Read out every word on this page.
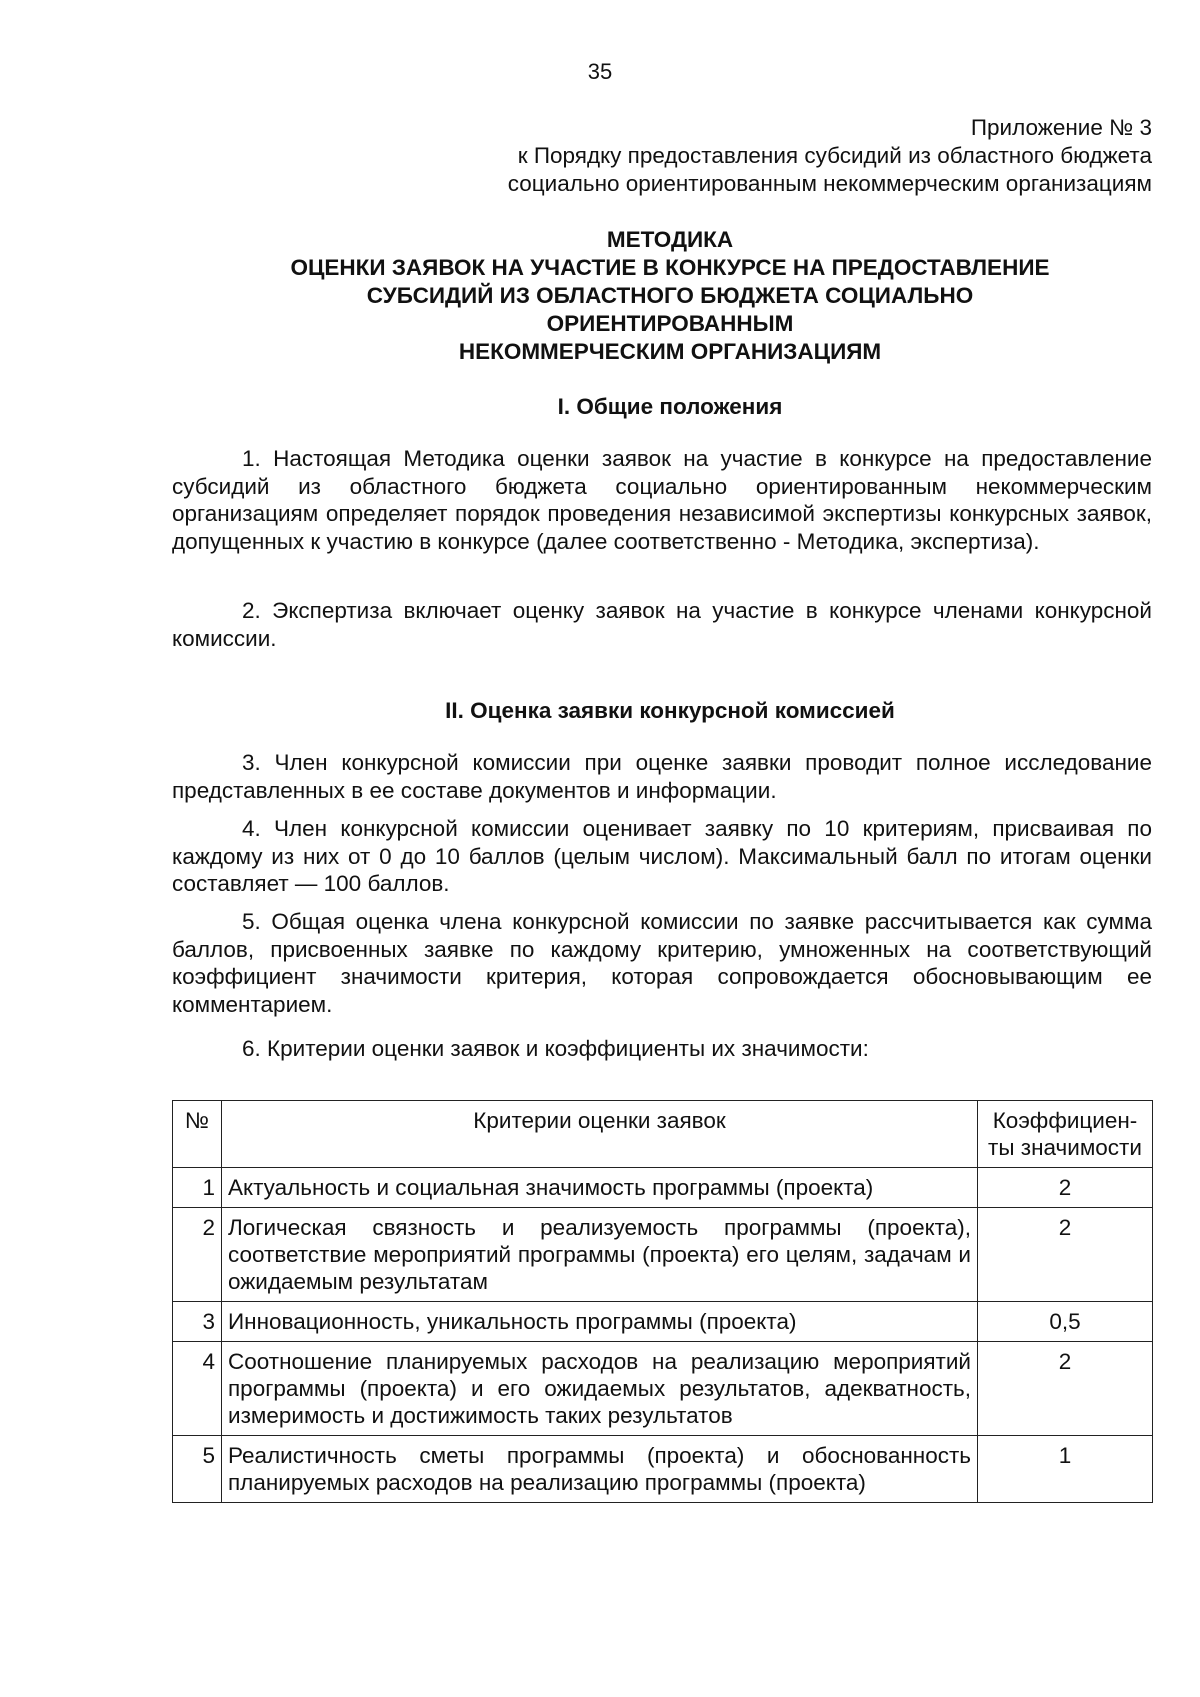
35
Приложение № 3
к Порядку предоставления субсидий из областного бюджета
социально ориентированным некоммерческим организациям
МЕТОДИКА
ОЦЕНКИ ЗАЯВОК НА УЧАСТИЕ В КОНКУРСЕ НА ПРЕДОСТАВЛЕНИЕ
СУБСИДИЙ ИЗ ОБЛАСТНОГО БЮДЖЕТА СОЦИАЛЬНО
ОРИЕНТИРОВАННЫМ
НЕКОММЕРЧЕСКИМ ОРГАНИЗАЦИЯМ
I. Общие положения
1. Настоящая Методика оценки заявок на участие в конкурсе на предоставление субсидий из областного бюджета социально ориентированным некоммерческим организациям определяет порядок проведения независимой экспертизы конкурсных заявок, допущенных к участию в конкурсе (далее соответственно - Методика, экспертиза).
2. Экспертиза включает оценку заявок на участие в конкурсе членами конкурсной комиссии.
II. Оценка заявки конкурсной комиссией
3. Член конкурсной комиссии при оценке заявки проводит полное исследование представленных в ее составе документов и информации.
4. Член конкурсной комиссии оценивает заявку по 10 критериям, присваивая по каждому из них от 0 до 10 баллов (целым числом). Максимальный балл по итогам оценки составляет — 100 баллов.
5. Общая оценка члена конкурсной комиссии по заявке рассчитывается как сумма баллов, присвоенных заявке по каждому критерию, умноженных на соответствующий коэффициент значимости критерия, которая сопровождается обосновывающим ее комментарием.
6. Критерии оценки заявок и коэффициенты их значимости:
№	Критерии оценки заявок	Коэффициен-ты значимости
1	Актуальность и социальная значимость программы (проекта)	2
2	Логическая связность и реализуемость программы (проекта), соответствие мероприятий программы (проекта) его целям, задачам и ожидаемым результатам	2
3	Инновационность, уникальность программы (проекта)	0,5
4	Соотношение планируемых расходов на реализацию мероприятий программы (проекта) и его ожидаемых результатов, адекватность, измеримость и достижимость таких результатов	2
5	Реалистичность сметы программы (проекта) и обоснованность планируемых расходов на реализацию программы (проекта)	1
